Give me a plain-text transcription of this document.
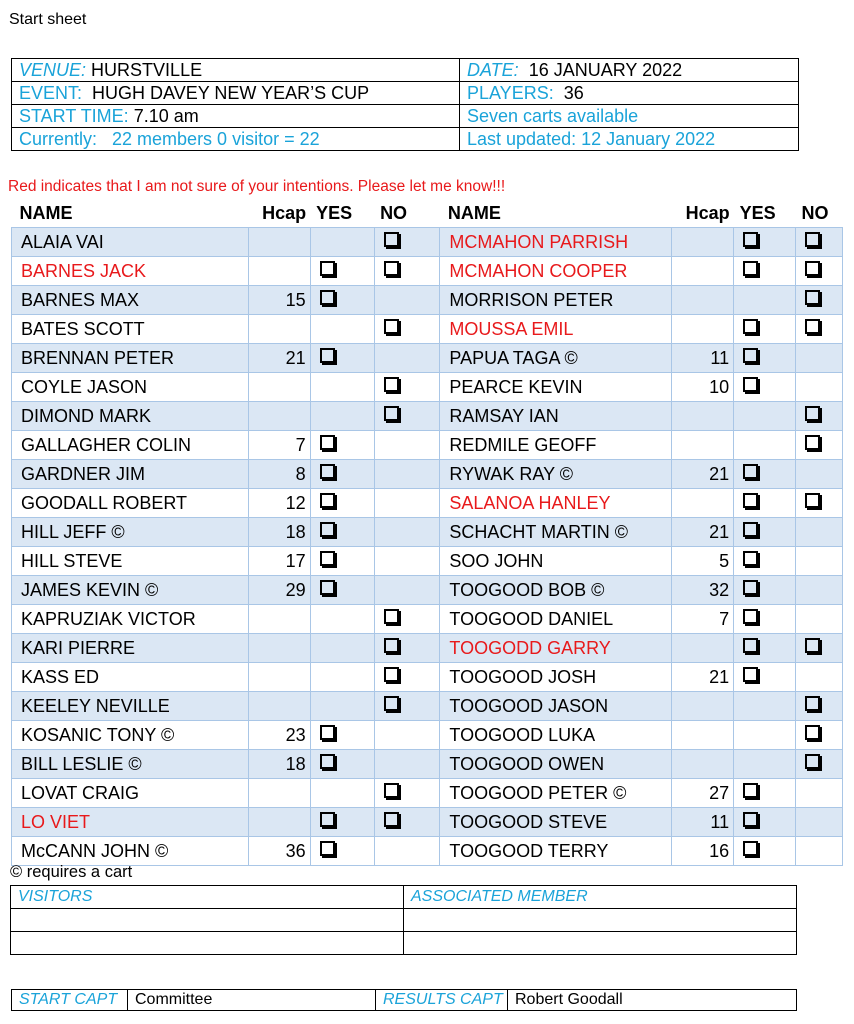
Start sheet
VENUE: HURSTVILLE	DATE: 16 JANUARY 2022
EVENT: HUGH DAVEY NEW YEAR’S CUP	PLAYERS: 36
START TIME: 7.10 am	Seven carts available
Currently:   22 members 0 visitor = 22	Last updated: 12 January 2022
Red indicates that I am not sure of your intentions. Please let me know!!!
NAME	Hcap	YES	NO	NAME	Hcap	YES	NO
ALAIA VAI				MCMAHON PARRISH			
BARNES JACK				MCMAHON COOPER			
BARNES MAX	15			MORRISON PETER			
BATES SCOTT				MOUSSA EMIL			
BRENNAN PETER	21			PAPUA TAGA ©	11		
COYLE JASON				PEARCE KEVIN	10		
DIMOND MARK				RAMSAY IAN			
GALLAGHER COLIN	7			REDMILE GEOFF			
GARDNER JIM	8			RYWAK RAY ©	21		
GOODALL ROBERT	12			SALANOA HANLEY			
HILL JEFF ©	18			SCHACHT MARTIN ©	21		
HILL STEVE	17			SOO JOHN	5		
JAMES KEVIN ©	29			TOOGOOD BOB ©	32		
KAPRUZIAK VICTOR				TOOGOOD DANIEL	7		
KARI PIERRE				TOOGODD GARRY			
KASS ED				TOOGOOD JOSH	21		
KEELEY NEVILLE				TOOGOOD JASON			
KOSANIC TONY ©	23			TOOGOOD LUKA			
BILL LESLIE ©	18			TOOGOOD OWEN			
LOVAT CRAIG				TOOGOOD PETER ©	27		
LO VIET				TOOGOOD STEVE	11		
McCANN JOHN ©	36			TOOGOOD TERRY	16		
© requires a cart
VISITORS	ASSOCIATED MEMBER

START CAPT	Committee	RESULTS CAPT	Robert Goodall
